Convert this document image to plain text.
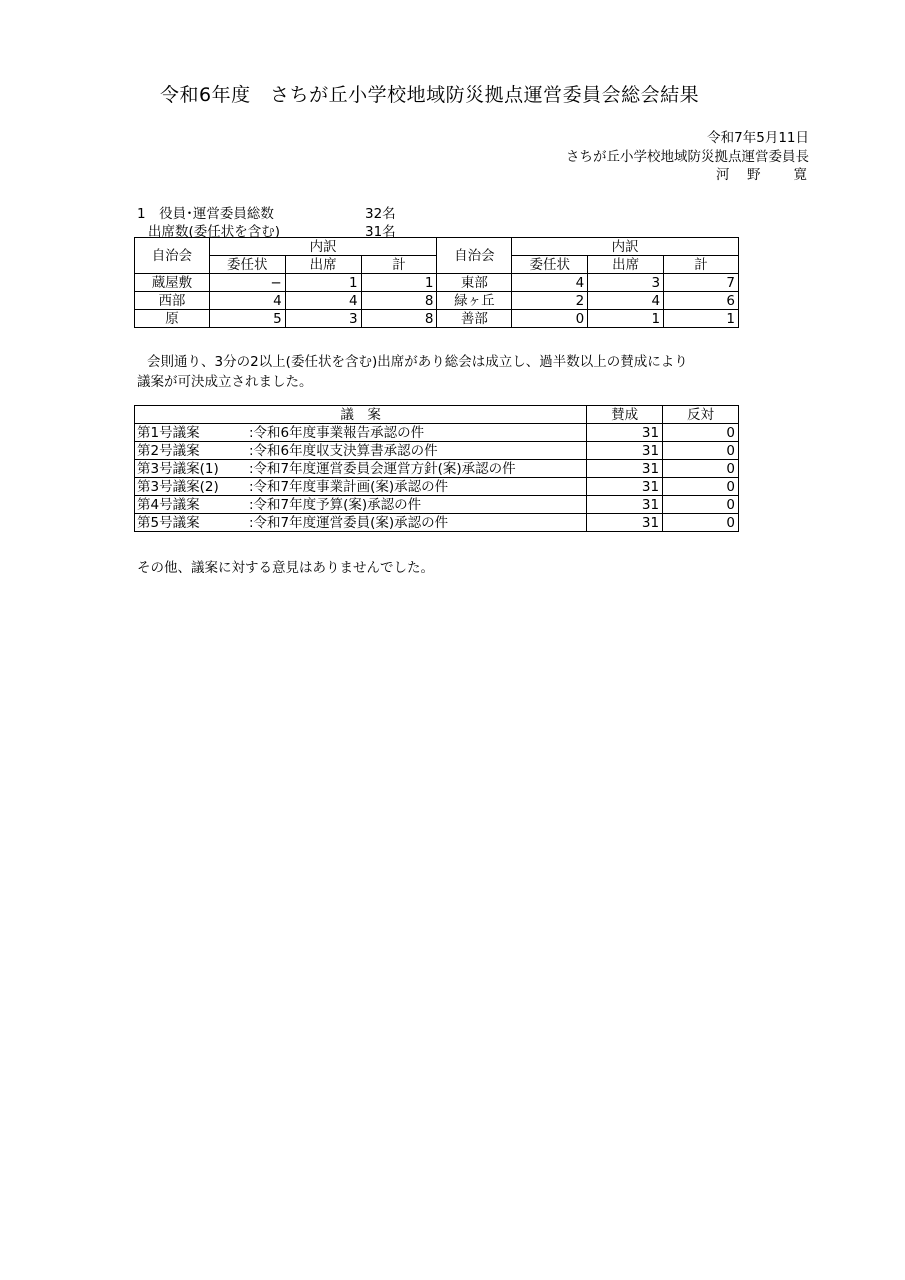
令和6年度　さちが丘小学校地域防災拠点運営委員会総会結果
令和7年5月11日
さちが丘小学校地域防災拠点運営委員長
河　野　　寛
1　役員･運営委員総数	32名
出席数(委任状を含む)	31名
自治会	内訳			自治会	内訳		
	委任状	出席	計		委任状	出席	計
蔵屋敷	−	1	1	東部	4	3	7
西部	4	4	8	緑ヶ丘	2	4	6
原	5	3	8	善部	0	1	1
会則通り、3分の2以上(委任状を含む)出席があり総会は成立し、過半数以上の賛成により
議案が可決成立されました。
議　案	賛成	反対
第1号議案 :令和6年度事業報告承認の件	31	0
第2号議案 :令和6年度収支決算書承認の件	31	0
第3号議案(1) :令和7年度運営委員会運営方針(案)承認の件	31	0
第3号議案(2) :令和7年度事業計画(案)承認の件	31	0
第4号議案 :令和7年度予算(案)承認の件	31	0
第5号議案 :令和7年度運営委員(案)承認の件	31	0
その他、議案に対する意見はありませんでした。
